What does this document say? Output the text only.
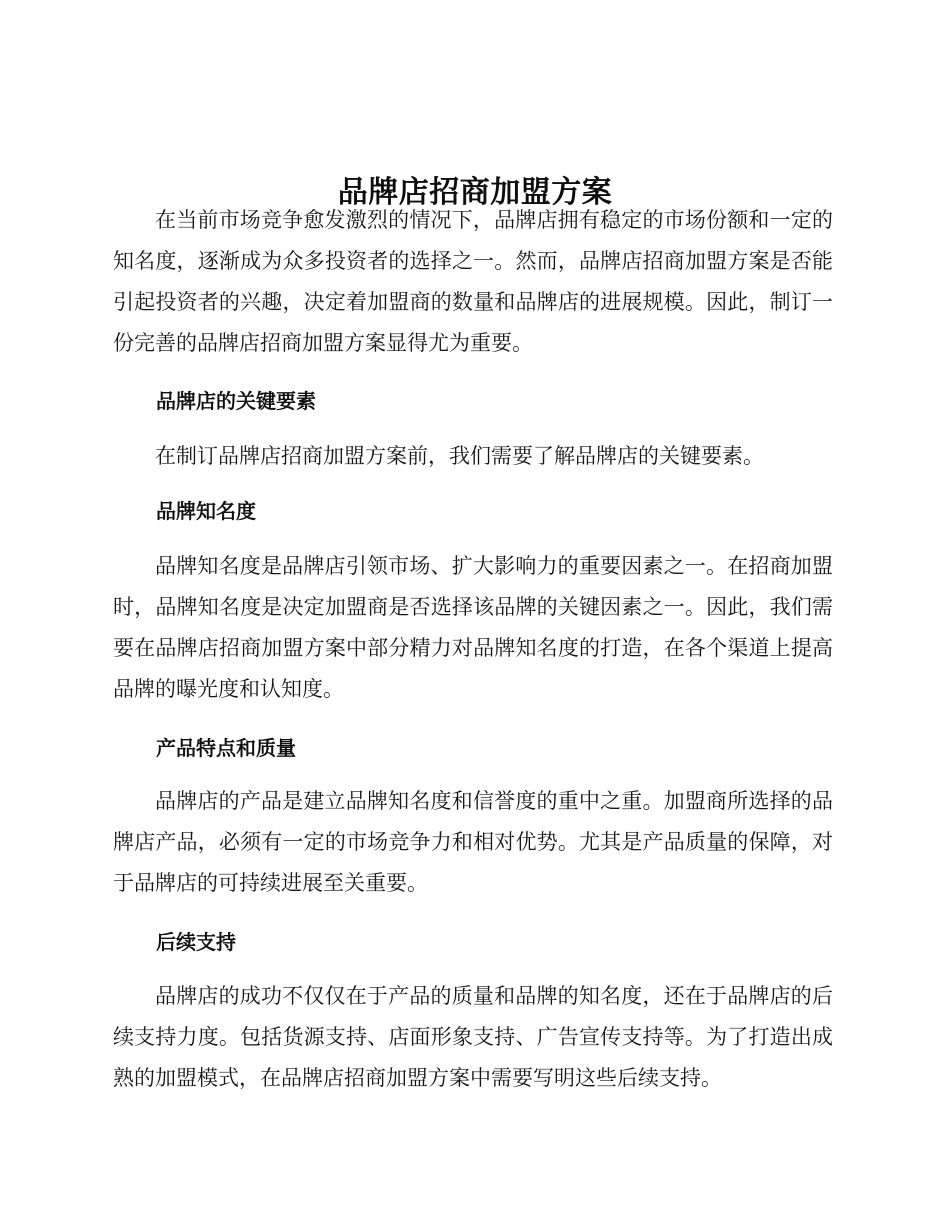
品牌店招商加盟方案

在当前市场竞争愈发激烈的情况下，品牌店拥有稳定的市场份额和一定的知名度，逐渐成为众多投资者的选择之一。然而，品牌店招商加盟方案是否能引起投资者的兴趣，决定着加盟商的数量和品牌店的进展规模。因此，制订一份完善的品牌店招商加盟方案显得尤为重要。

品牌店的关键要素

在制订品牌店招商加盟方案前，我们需要了解品牌店的关键要素。

品牌知名度

品牌知名度是品牌店引领市场、扩大影响力的重要因素之一。在招商加盟时，品牌知名度是决定加盟商是否选择该品牌的关键因素之一。因此，我们需要在品牌店招商加盟方案中部分精力对品牌知名度的打造，在各个渠道上提高品牌的曝光度和认知度。

产品特点和质量

品牌店的产品是建立品牌知名度和信誉度的重中之重。加盟商所选择的品牌店产品，必须有一定的市场竞争力和相对优势。尤其是产品质量的保障，对于品牌店的可持续进展至关重要。

后续支持

品牌店的成功不仅仅在于产品的质量和品牌的知名度，还在于品牌店的后续支持力度。包括货源支持、店面形象支持、广告宣传支持等。为了打造出成熟的加盟模式，在品牌店招商加盟方案中需要写明这些后续支持。
